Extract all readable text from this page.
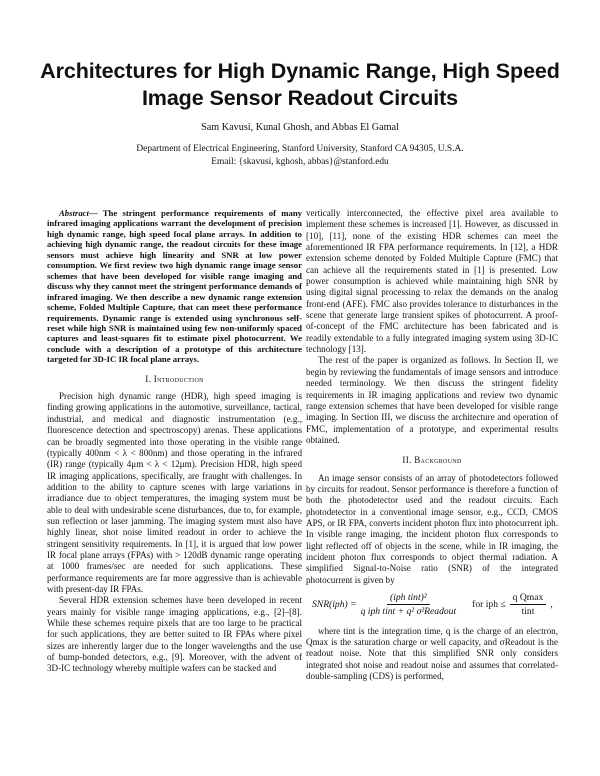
Architectures for High Dynamic Range, High Speed Image Sensor Readout Circuits
Sam Kavusi, Kunal Ghosh, and Abbas El Gamal
Department of Electrical Engineering, Stanford University, Stanford CA 94305, U.S.A.
Email: {skavusi, kghosh, abbas}@stanford.edu

Abstract— The stringent performance requirements of many infrared imaging applications warrant the development of precision high dynamic range, high speed focal plane arrays. In addition to achieving high dynamic range, the readout circuits for these image sensors must achieve high linearity and SNR at low power consumption. We first review two high dynamic range image sensor schemes that have been developed for visible range imaging and discuss why they cannot meet the stringent performance demands of infrared imaging. We then describe a new dynamic range extension scheme, Folded Multiple Capture, that can meet these performance requirements. Dynamic range is extended using synchronous self-reset while high SNR is maintained using few non-uniformly spaced captures and least-squares fit to estimate pixel photocurrent. We conclude with a description of a prototype of this architecture targeted for 3D-IC IR focal plane arrays.

I. Introduction

Precision high dynamic range (HDR), high speed imaging is finding growing applications in the automotive, surveillance, tactical, industrial, and medical and diagnostic instrumentation (e.g., fluorescence detection and spectroscopy) arenas. These applications can be broadly segmented into those operating in the visible range (typically 400nm < λ < 800nm) and those operating in the infrared (IR) range (typically 4μm < λ < 12μm). Precision HDR, high speed IR imaging applications, specifically, are fraught with challenges. In addition to the ability to capture scenes with large variations in irradiance due to object temperatures, the imaging system must be able to deal with undesirable scene disturbances, due to, for example, sun reflection or laser jamming. The imaging system must also have highly linear, shot noise limited readout in order to achieve the stringent sensitivity requirements. In [1], it is argued that low power IR focal plane arrays (FPAs) with > 120dB dynamic range operating at 1000 frames/sec are needed for such applications. These performance requirements are far more aggressive than is achievable with present-day IR FPAs.

Several HDR extension schemes have been developed in recent years mainly for visible range imaging applications, e.g., [2]–[8]. While these schemes require pixels that are too large to be practical for such applications, they are better suited to IR FPAs where pixel sizes are inherently larger due to the longer wavelengths and the use of bump-bonded detectors, e.g., [9]. Moreover, with the advent of 3D-IC technology whereby multiple wafers can be stacked and

vertically interconnected, the effective pixel area available to implement these schemes is increased [1]. However, as discussed in [10], [11], none of the existing HDR schemes can meet the aforementioned IR FPA performance requirements. In [12], a HDR extension scheme denoted by Folded Multiple Capture (FMC) that can achieve all the requirements stated in [1] is presented. Low power consumption is achieved while maintaining high SNR by using digital signal processing to relax the demands on the analog front-end (AFE). FMC also provides tolerance to disturbances in the scene that generate large transient spikes of photocurrent. A proof-of-concept of the FMC architecture has been fabricated and is readily extendable to a fully integrated imaging system using 3D-IC technology [13].

The rest of the paper is organized as follows. In Section II, we begin by reviewing the fundamentals of image sensors and introduce needed terminology. We then discuss the stringent fidelity requirements in IR imaging applications and review two dynamic range extension schemes that have been developed for visible range imaging. In Section III, we discuss the architecture and operation of FMC, implementation of a prototype, and experimental results obtained.

II. Background

An image sensor consists of an array of photodetectors followed by circuits for readout. Sensor performance is therefore a function of both the photodetector used and the readout circuits. Each photodetector in a conventional image sensor, e.g., CCD, CMOS APS, or IR FPA, converts incident photon flux into photocurrent iph. In visible range imaging, the incident photon flux corresponds to light reflected off of objects in the scene, while in IR imaging, the incident photon flux corresponds to object thermal radiation. A simplified Signal-to-Noise ratio (SNR) of the integrated photocurrent is given by

$SNR(iph) = \frac{\text{(iph tint)²}}{\text{q iph tint + q² σ²Readout}}$ for iph ≤ $\frac{\text{q Qmax}}{\text{tint}}$ ,

where tint is the integration time, q is the charge of an electron, Qmax is the saturation charge or well capacity, and σReadout is the readout noise. Note that this simplified SNR only considers integrated shot noise and readout noise and assumes that correlated-double-sampling (CDS) is performed,
